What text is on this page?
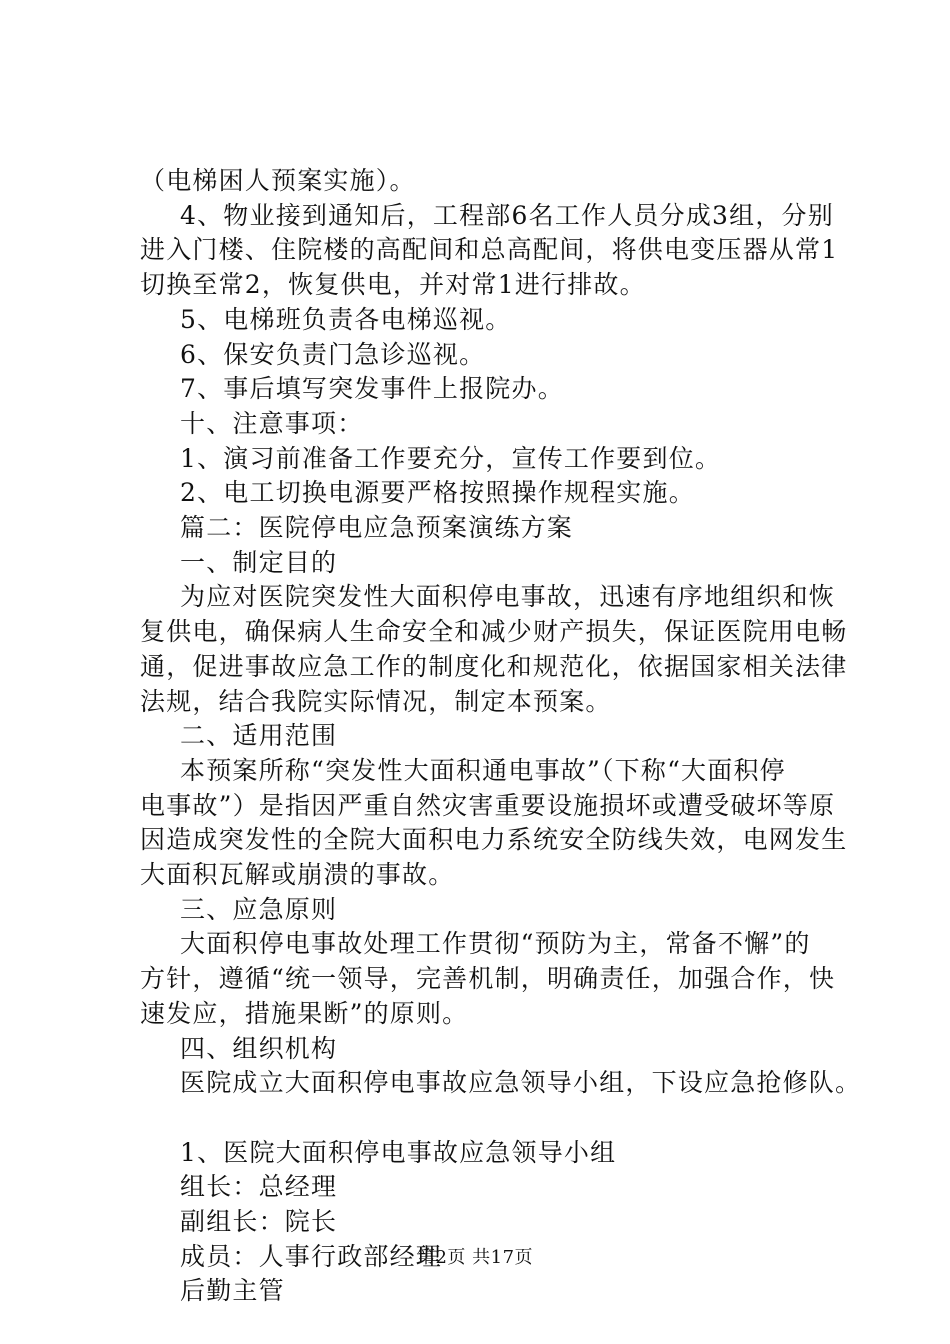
（电梯困人预案实施）。

4、物业接到通知后，工程部6名工作人员分成3组，分别

进入门楼、住院楼的高配间和总高配间，将供电变压器从常1

切换至常2，恢复供电，并对常1进行排故。

5、电梯班负责各电梯巡视。

6、保安负责门急诊巡视。

7、事后填写突发事件上报院办。

十、注意事项：

1、演习前准备工作要充分，宣传工作要到位。

2、电工切换电源要严格按照操作规程实施。

篇二：医院停电应急预案演练方案

一、制定目的

为应对医院突发性大面积停电事故，迅速有序地组织和恢

复供电，确保病人生命安全和减少财产损失，保证医院用电畅

通，促进事故应急工作的制度化和规范化，依据国家相关法律

法规，结合我院实际情况，制定本预案。

二、适用范围

本预案所称“突发性大面积通电事故”（下称“大面积停

电事故”）是指因严重自然灾害重要设施损坏或遭受破坏等原

因造成突发性的全院大面积电力系统安全防线失效，电网发生

大面积瓦解或崩溃的事故。

三、应急原则

大面积停电事故处理工作贯彻“预防为主，常备不懈”的

方针，遵循“统一领导，完善机制，明确责任，加强合作，快

速发应，措施果断”的原则。

四、组织机构

医院成立大面积停电事故应急领导小组，下设应急抢修队。

1、医院大面积停电事故应急领导小组

组长：总经理

副组长：院长

成员：人事行政部经理

后勤主管

第2页 共17页
